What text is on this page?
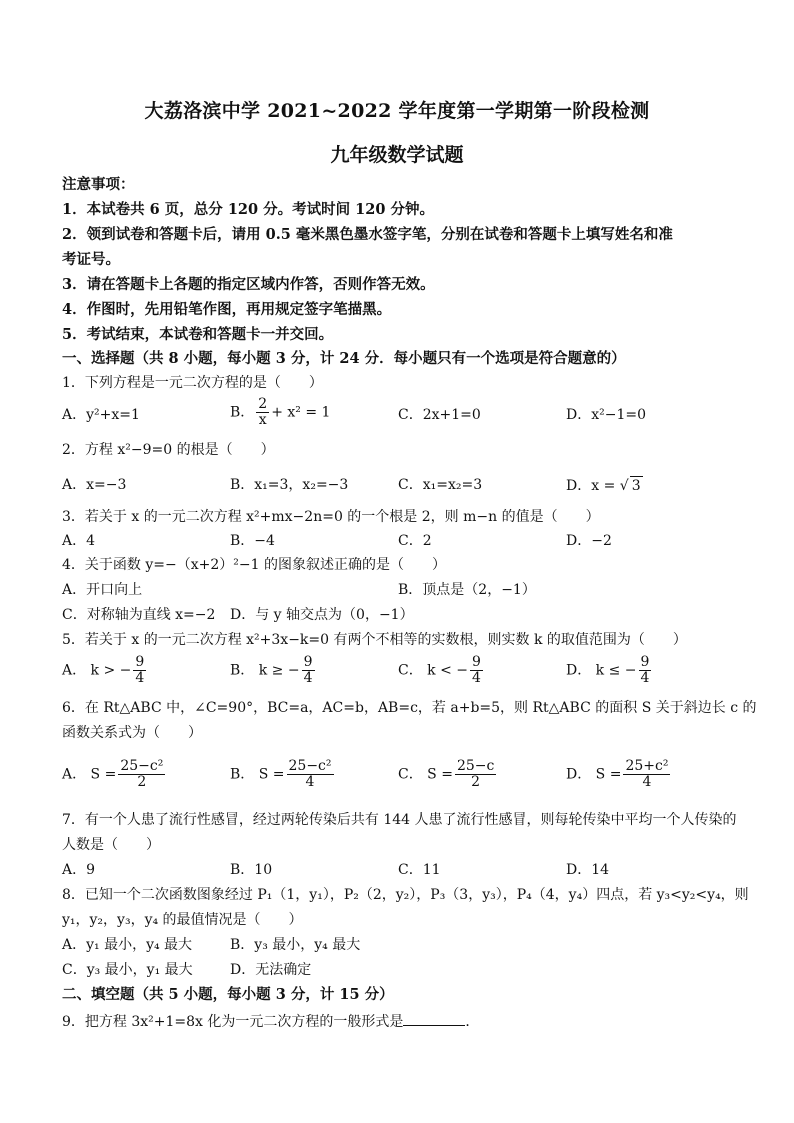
大荔洛滨中学 2021~2022 学年度第一学期第一阶段检测
九年级数学试题
注意事项：
1．本试卷共 6 页，总分 120 分。考试时间 120 分钟。
2．领到试卷和答题卡后，请用 0.5 毫米黑色墨水签字笔，分别在试卷和答题卡上填写姓名和准
考证号。
3．请在答题卡上各题的指定区域内作答，否则作答无效。
4．作图时，先用铅笔作图，再用规定签字笔描黑。
5．考试结束，本试卷和答题卡一并交回。
一、选择题（共 8 小题，每小题 3 分，计 24 分．每小题只有一个选项是符合题意的）
1．下列方程是一元二次方程的是（　　）
A．y²+x=1	B． $\frac{2}{x} + x^2 = 1$	C．2x+1=0	D．x²−1=0
2．方程 x²−9=0 的根是（　　）
A．x=−3	B．x₁=3，x₂=−3	C．x₁=x₂=3	D．x = √ 3
3．若关于 x 的一元二次方程 x²+mx−2n=0 的一个根是 2，则 m−n 的值是（　　）
A．4	B．−4	C．2	D．−2
4．关于函数 y=−（x+2）²−1 的图象叙述正确的是（　　）
A．开口向上	B．顶点是（2，−1）
C．对称轴为直线 x=−2 D．与 y 轴交点为（0，−1）
5．若关于 x 的一元二次方程 x²+3x−k=0 有两个不相等的实数根，则实数 k 的取值范围为（　　）
A． k > − $\frac{9}{4}$	B． k ≥ − $\frac{9}{4}$	C． k < − $\frac{9}{4}$	D． k ≤ − $\frac{9}{4}$
6．在 Rt△ABC 中，∠C=90°，BC=a，AC=b，AB=c，若 a+b=5，则 Rt△ABC 的面积 S 关于斜边长 c 的
函数关系式为（　　）
A． $S = \frac{\text{25−c²}}{2}$	B． $S = \frac{\text{25−c²}}{4}$	C． $S = \frac{25-c}{2}$	D． $S = \frac{\text{25+c²}}{4}$
7．有一个人患了流行性感冒，经过两轮传染后共有 144 人患了流行性感冒，则每轮传染中平均一个人传染的
人数是（　　）
A．9	B．10	C．11	D．14
8．已知一个二次函数图象经过 P₁（1，y₁），P₂（2，y₂），P₃（3，y₃），P₄（4，y₄）四点，若 y₃<y₂<y₄，则
y₁，y₂，y₃，y₄ 的最值情况是（　　）
A．y₁ 最小，y₄ 最大	B．y₃ 最小，y₄ 最大
C．y₃ 最小，y₁ 最大	D．无法确定
二、填空题（共 5 小题，每小题 3 分，计 15 分）
9．把方程 3x²+1=8x 化为一元二次方程的一般形式是	．
